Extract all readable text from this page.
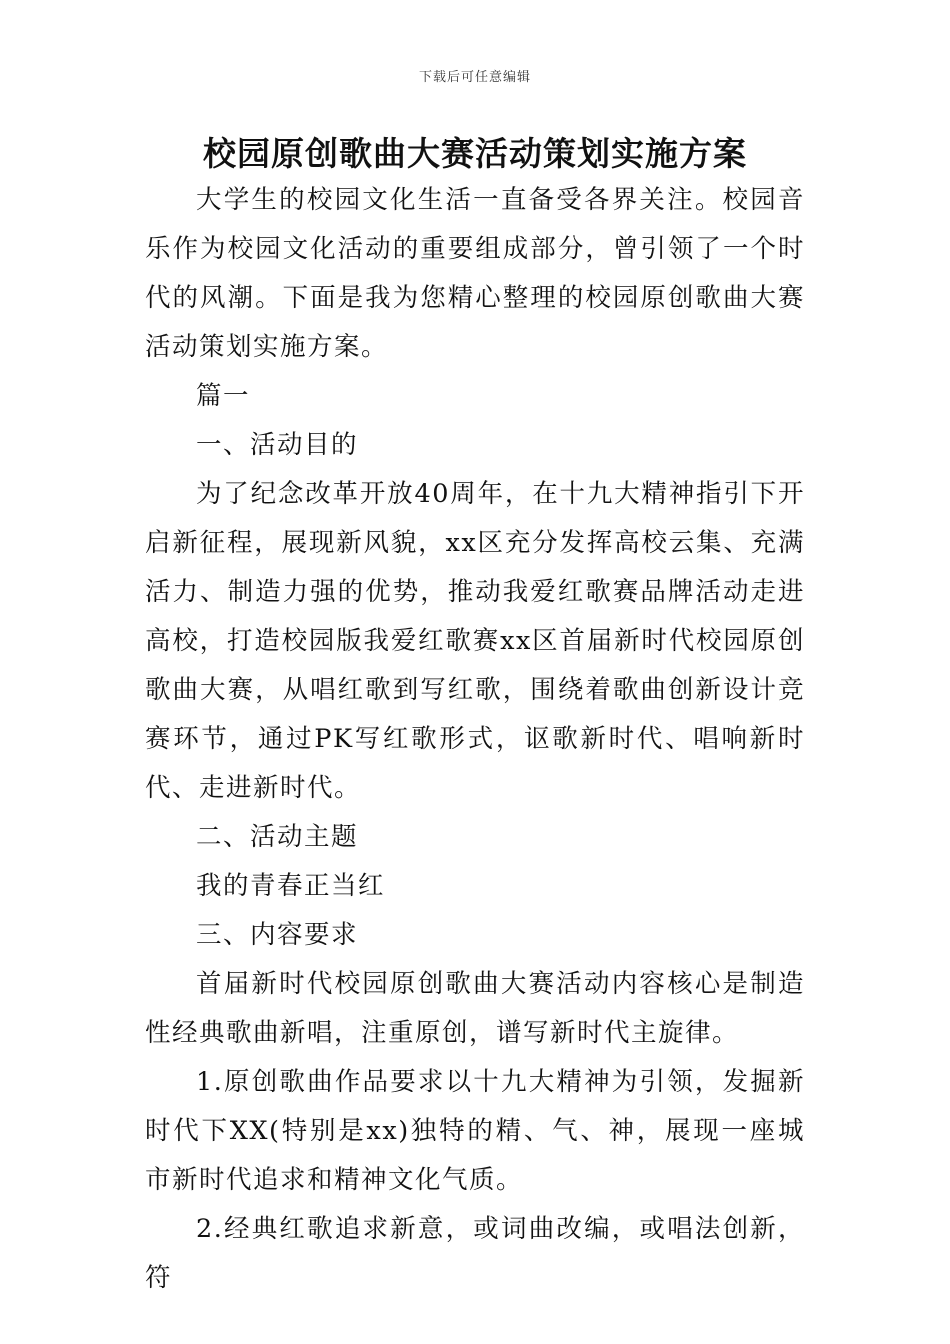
下载后可任意编辑
校园原创歌曲大赛活动策划实施方案

大学生的校园文化生活一直备受各界关注。校园音乐作为校园文化活动的重要组成部分，曾引领了一个时代的风潮。下面是我为您精心整理的校园原创歌曲大赛活动策划实施方案。

篇一

一、活动目的

为了纪念改革开放40周年，在十九大精神指引下开启新征程，展现新风貌，xx区充分发挥高校云集、充满活力、制造力强的优势，推动我爱红歌赛品牌活动走进高校，打造校园版我爱红歌赛xx区首届新时代校园原创歌曲大赛，从唱红歌到写红歌，围绕着歌曲创新设计竞赛环节，通过PK写红歌形式，讴歌新时代、唱响新时代、走进新时代。

二、活动主题

我的青春正当红

三、内容要求

首届新时代校园原创歌曲大赛活动内容核心是制造性经典歌曲新唱，注重原创，谱写新时代主旋律。

1.原创歌曲作品要求以十九大精神为引领，发掘新时代下XX(特别是xx)独特的精、气、神，展现一座城市新时代追求和精神文化气质。

2.经典红歌追求新意，或词曲改编，或唱法创新，符
